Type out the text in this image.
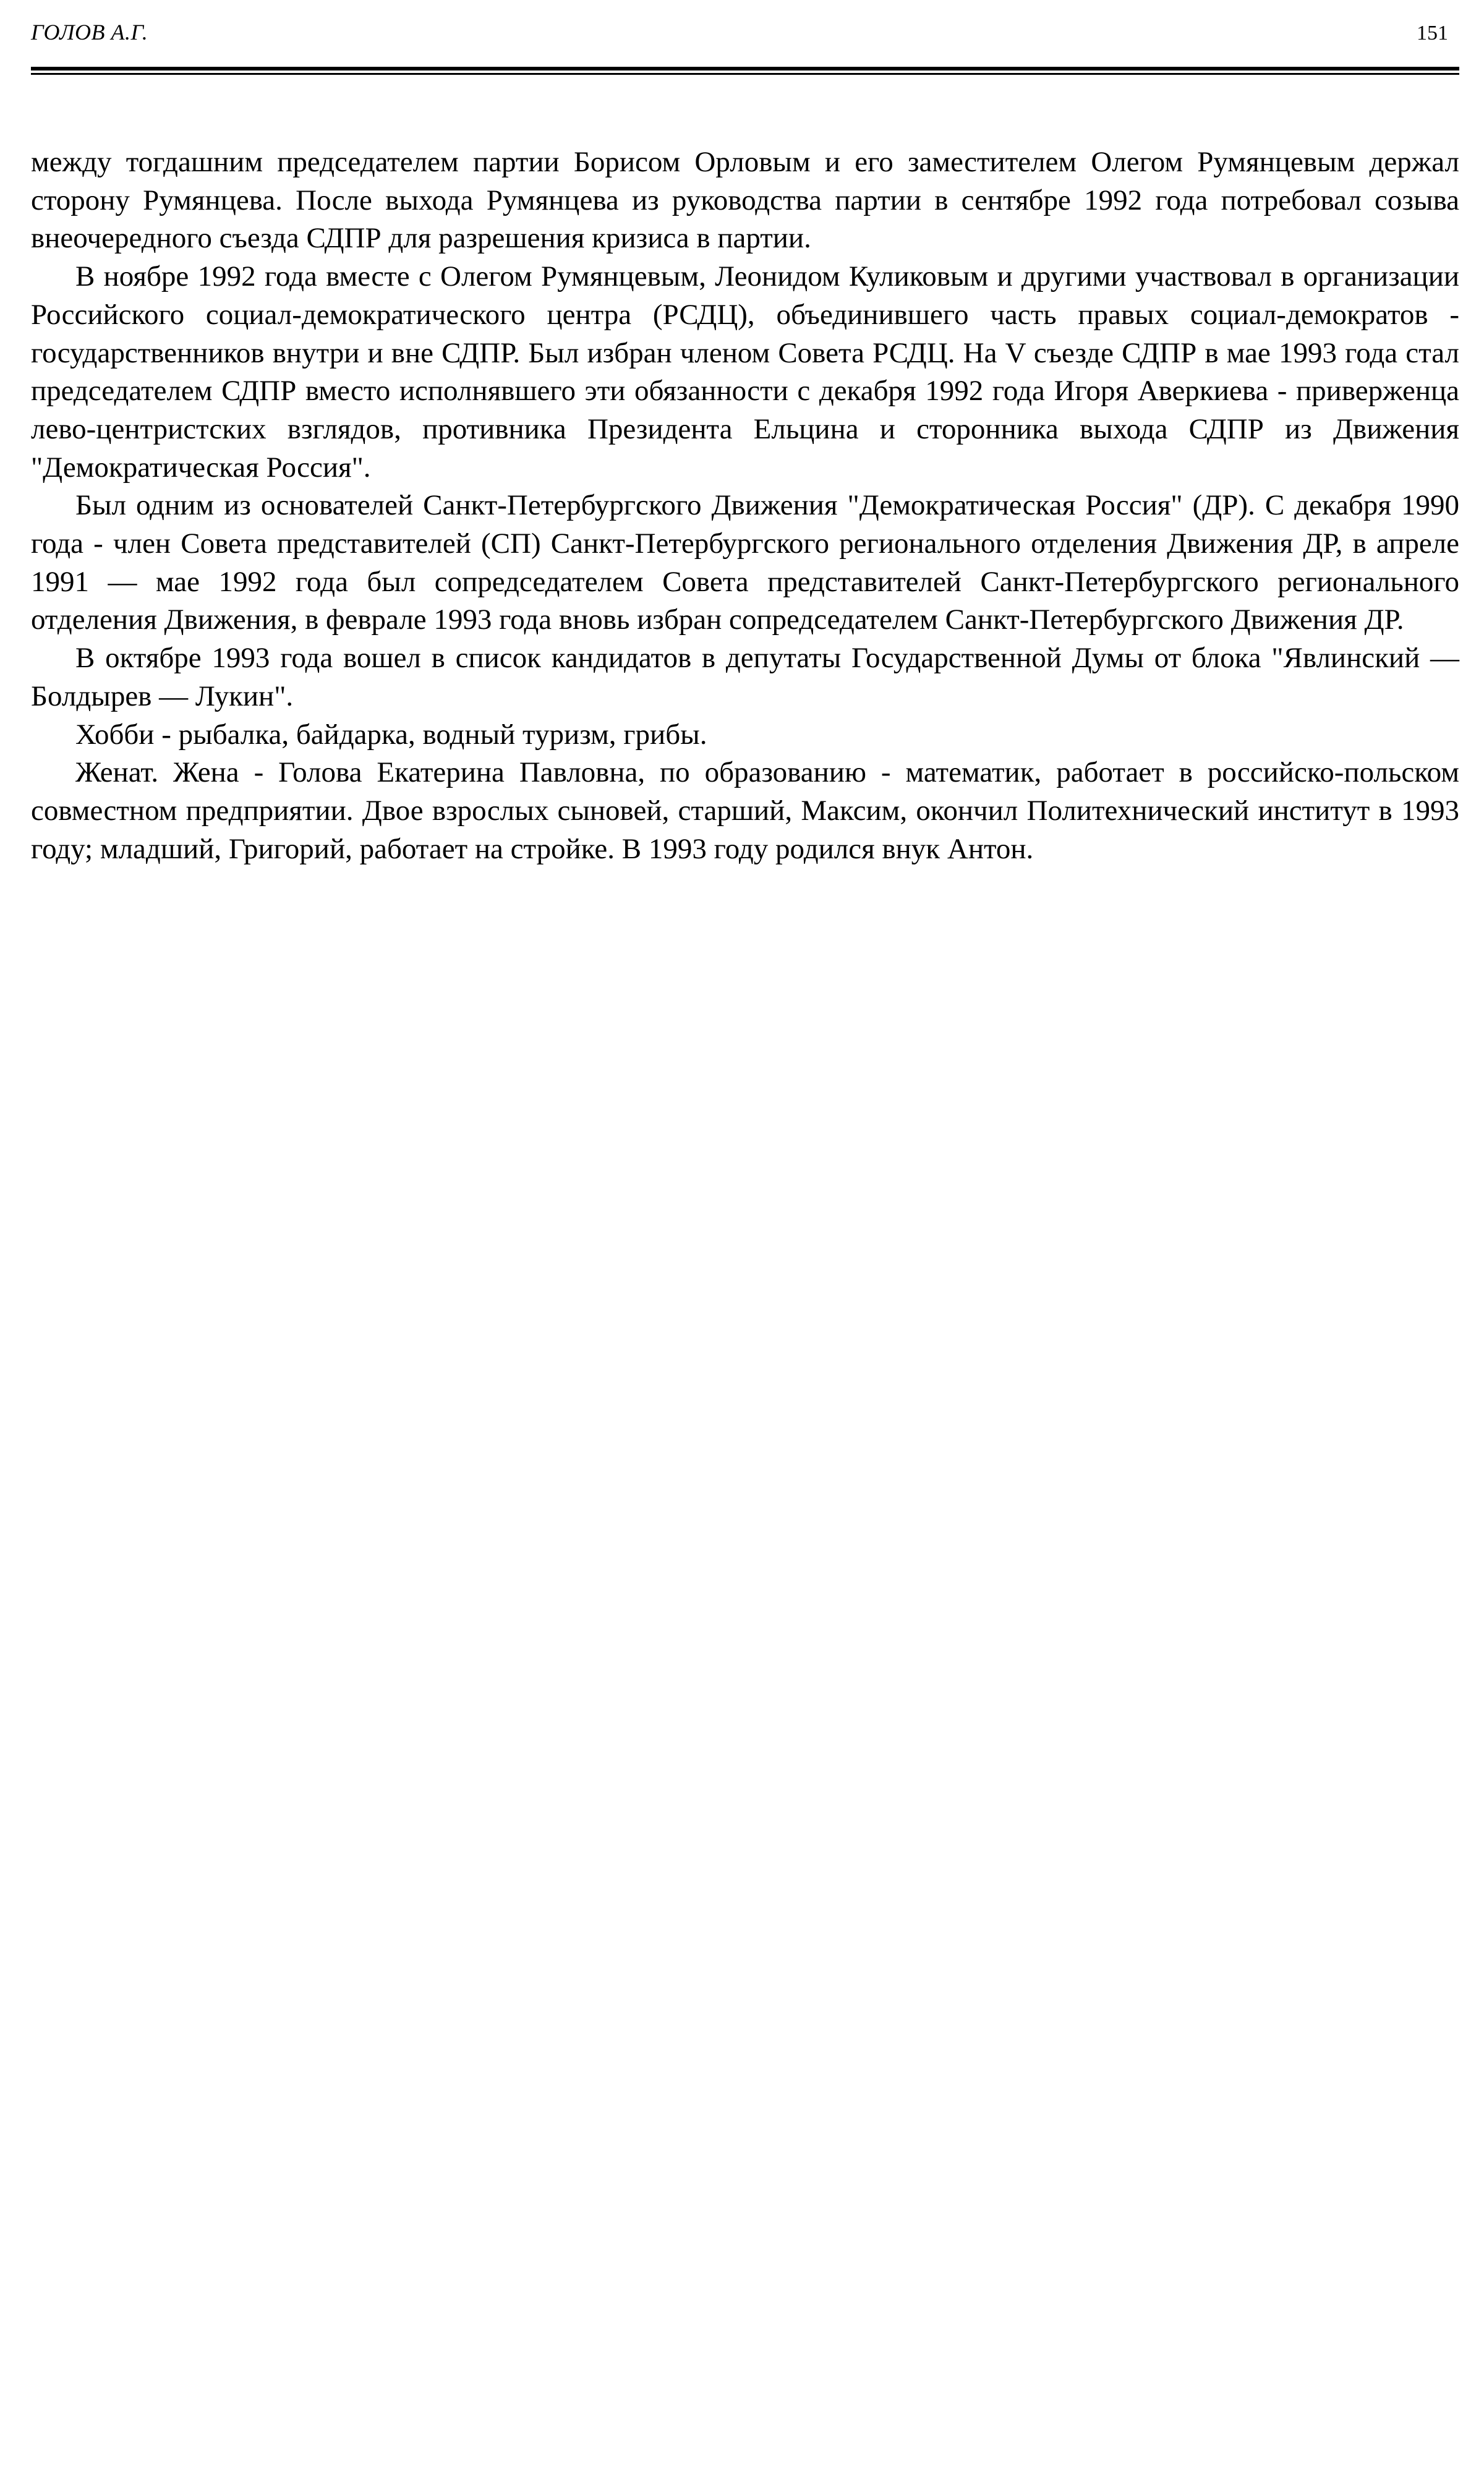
ГОЛОВ А.Г.	151

между тогдашним председателем партии Борисом Орловым и его заместителем Олегом Румянцевым держал сторону Румянцева. После выхода Румянцева из руководства партии в сентябре 1992 года потребовал созыва внеочередного съезда СДПР для разрешения кризиса в партии.

В ноябре 1992 года вместе с Олегом Румянцевым, Леонидом Куликовым и другими участвовал в организации Российского социал-демократического центра (РСДЦ), объединившего часть правых социал-демократов - государственников внутри и вне СДПР. Был избран членом Совета РСДЦ. На V съезде СДПР в мае 1993 года стал председателем СДПР вместо исполнявшего эти обязанности с декабря 1992 года Игоря Аверкиева - приверженца лево-центристских взглядов, противника Президента Ельцина и сторонника выхода СДПР из Движения "Демократическая Россия".

Был одним из основателей Санкт-Петербургского Движения "Демократическая Россия" (ДР). С декабря 1990 года - член Совета представителей (СП) Санкт-Петербургского регионального отделения Движения ДР, в апреле 1991 — мае 1992 года был сопредседателем Совета представителей Санкт-Петербургского регионального отделения Движения, в феврале 1993 года вновь избран сопредседателем Санкт-Петербургского Движения ДР.

В октябре 1993 года вошел в список кандидатов в депутаты Государственной Думы от блока "Явлинский — Болдырев — Лукин".

Хобби - рыбалка, байдарка, водный туризм, грибы.

Женат. Жена - Голова Екатерина Павловна, по образованию - математик, работает в российско-польском совместном предприятии. Двое взрослых сыновей, старший, Максим, окончил Политехнический институт в 1993 году; младший, Григорий, работает на стройке. В 1993 году родился внук Антон.
